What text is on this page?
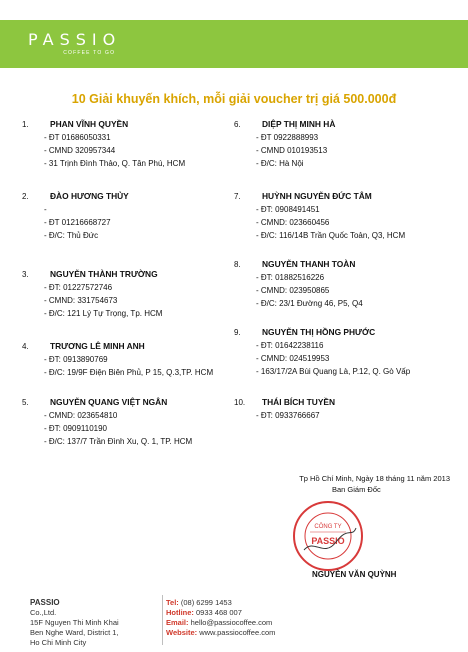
PASSIO
COFFEE TO GO
10 Giải khuyến khích, mỗi giải voucher trị giá 500.000đ
1.	PHAN VĨNH QUYỀN
- ĐT 01686050331
- CMND 320957344
- 31 Trịnh Đình Thảo, Q. Tân Phú, HCM
2.	ĐÀO HƯƠNG THỦY
-
- ĐT 01216668727
- Đ/C: Thủ Đức
3.	NGUYỄN THÀNH TRƯỜNG
- ĐT: 01227572746
- CMND: 331754673
- Đ/C: 121 Lý Tự Trọng, Tp. HCM
4.	TRƯƠNG LÊ MINH ANH
- ĐT: 0913890769
- Đ/C: 19/9F Điện Biên Phủ, P 15, Q.3,TP. HCM
5.	NGUYỄN QUANG VIỆT NGÂN
- CMND: 023654810
- ĐT: 0909110190
- Đ/C: 137/7 Trần Đình Xu, Q. 1, TP. HCM
6.	DIỆP THỊ MINH HÀ
- ĐT 0922888993
- CMND 010193513
- Đ/C: Hà Nội
7.	HUỲNH NGUYỄN ĐỨC TÂM
- ĐT: 0908491451
- CMND: 023660456
- Đ/C: 116/14B Trần Quốc Toản, Q3, HCM
8.	NGUYỄN THANH TOÀN
- ĐT: 01882516226
- CMND: 023950865
- Đ/C: 23/1 Đường 46, P5, Q4
9.	NGUYỄN THỊ HỒNG PHƯỚC
- ĐT: 01642238116
- CMND: 024519953
- 163/17/2A Bùi Quang Là, P.12, Q. Gò Vấp
10. THÁI BÍCH TUYỀN
- ĐT: 0933766667
Tp Hồ Chí Minh, Ngày 18 tháng 11 năm 2013
Ban Giám Đốc
CÔNG TY
PASSIO
NGUYỄN VĂN QUỲNH
PASSIO
Co.,Ltd.
15F Nguyen Thi Minh Khai
Ben Nghe Ward, District 1,
Ho Chi Minh City
Tel: (08) 6299 1453
Hotline: 0933 468 007
Email: hello@passiocoffee.com
Website: www.passiocoffee.com
